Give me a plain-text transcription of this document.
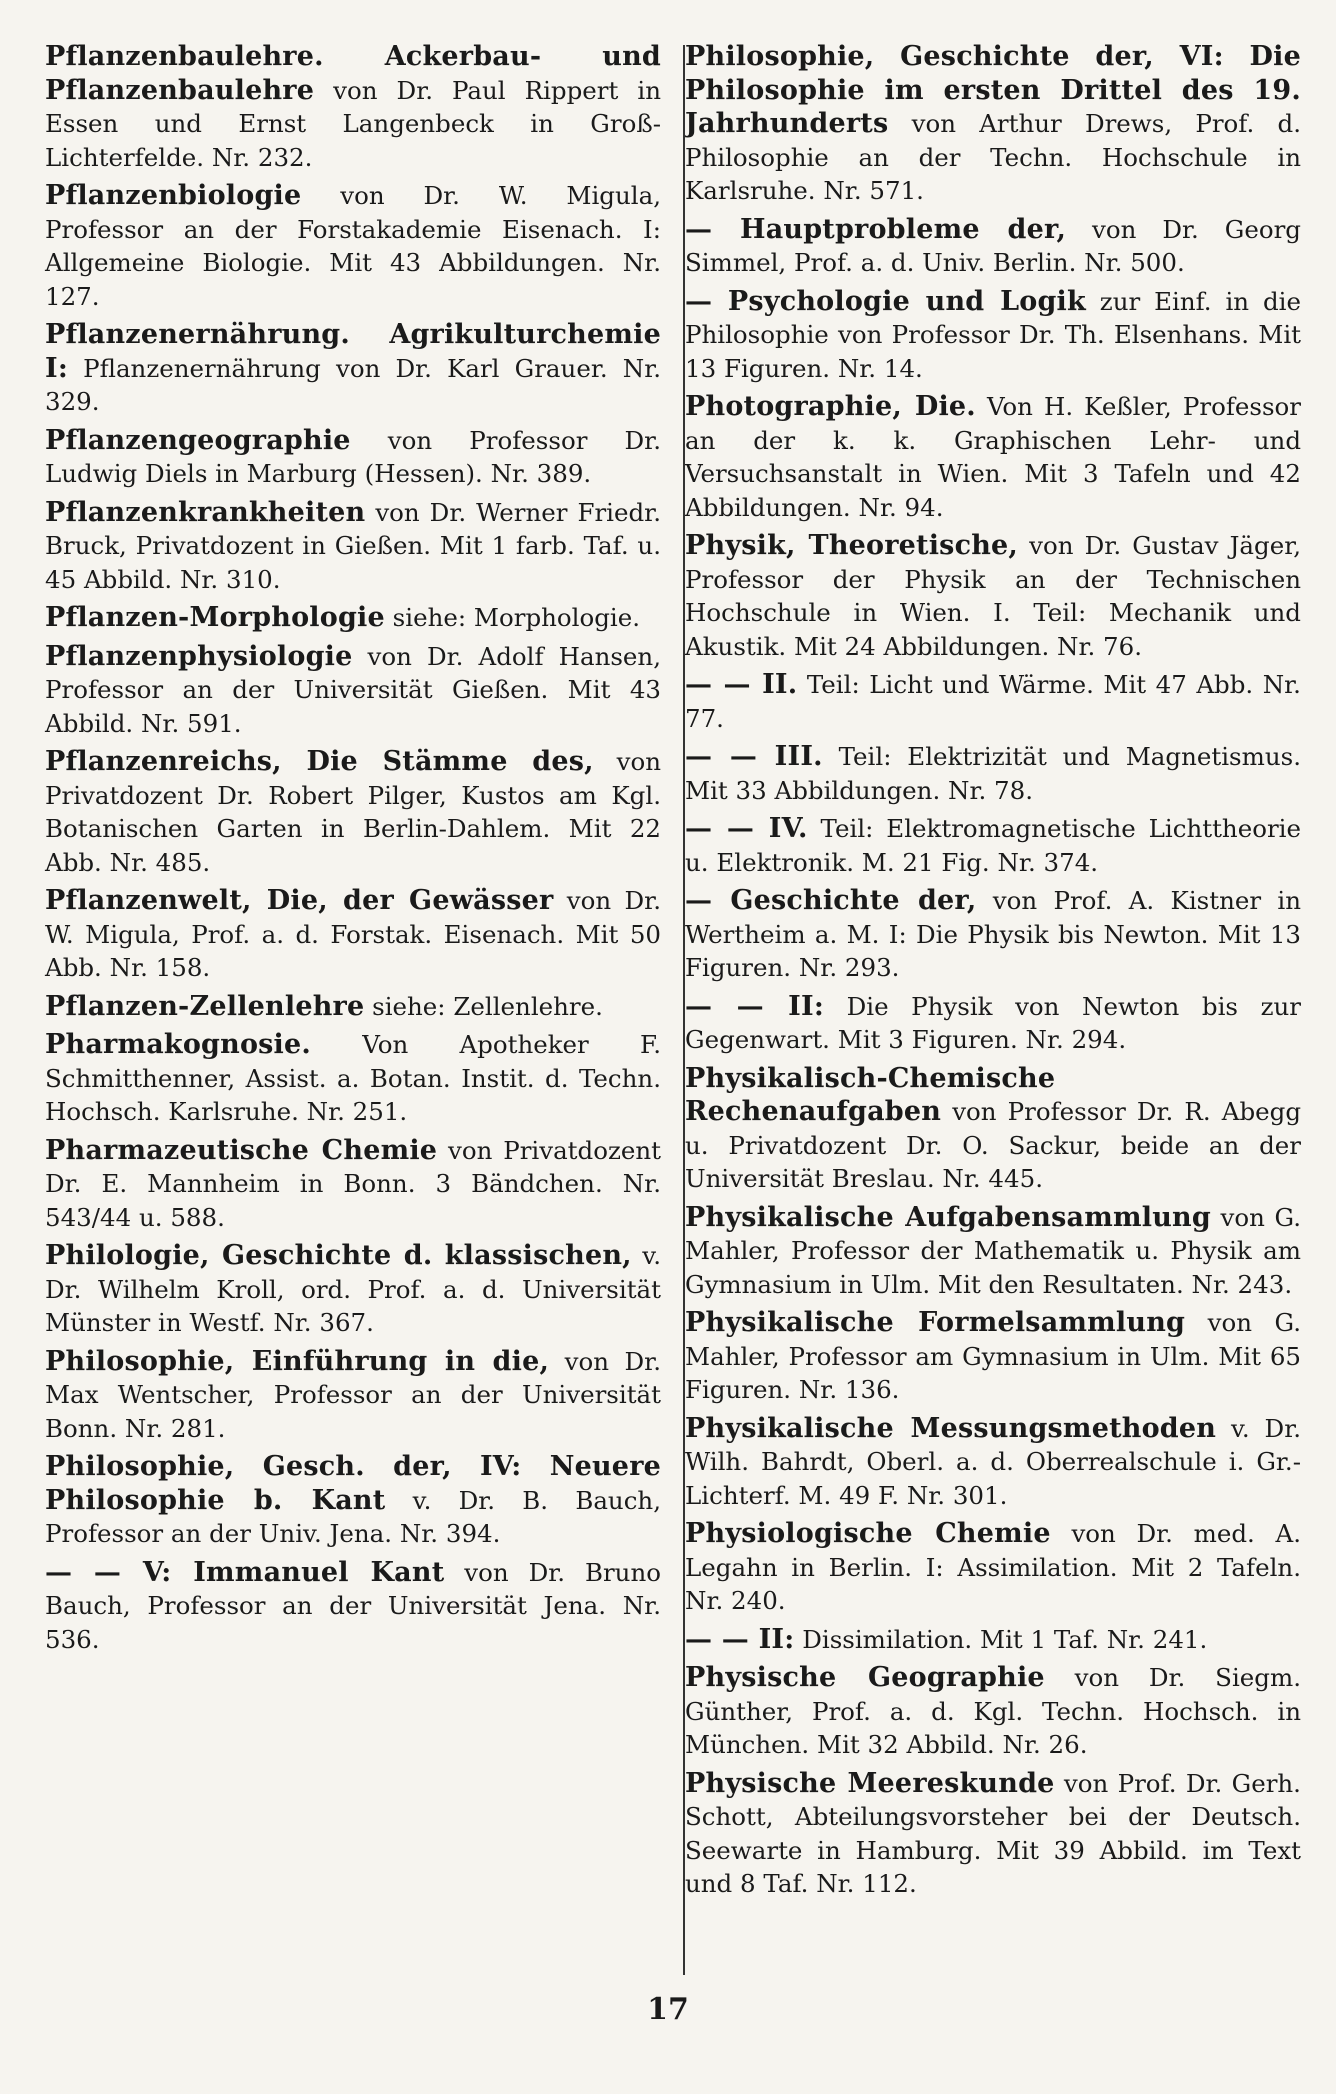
Pflanzenbaulehre. Ackerbau- und Pflanzenbaulehre von Dr. Paul Rippert in Essen und Ernst Langenbeck in Groß-Lichterfelde. Nr. 232.

Pflanzenbiologie von Dr. W. Migula, Professor an der Forstakademie Eisenach. I: Allgemeine Biologie. Mit 43 Abbildungen. Nr. 127.

Pflanzenernährung. Agrikulturchemie I: Pflanzenernährung von Dr. Karl Grauer. Nr. 329.

Pflanzengeographie von Professor Dr. Ludwig Diels in Marburg (Hessen). Nr. 389.

Pflanzenkrankheiten von Dr. Werner Friedr. Bruck, Privatdozent in Gießen. Mit 1 farb. Taf. u. 45 Abbild. Nr. 310.

Pflanzen-Morphologie siehe: Morphologie.

Pflanzenphysiologie von Dr. Adolf Hansen, Professor an der Universität Gießen. Mit 43 Abbild. Nr. 591.

Pflanzenreichs, Die Stämme des, von Privatdozent Dr. Robert Pilger, Kustos am Kgl. Botanischen Garten in Berlin-Dahlem. Mit 22 Abb. Nr. 485.

Pflanzenwelt, Die, der Gewässer von Dr. W. Migula, Prof. a. d. Forstak. Eisenach. Mit 50 Abb. Nr. 158.

Pflanzen-Zellenlehre siehe: Zellenlehre.

Pharmakognosie. Von Apotheker F. Schmitthenner, Assist. a. Botan. Instit. d. Techn. Hochsch. Karlsruhe. Nr. 251.

Pharmazeutische Chemie von Privatdozent Dr. E. Mannheim in Bonn. 3 Bändchen. Nr. 543/44 u. 588.

Philologie, Geschichte d. klassischen, v. Dr. Wilhelm Kroll, ord. Prof. a. d. Universität Münster in Westf. Nr. 367.

Philosophie, Einführung in die, von Dr. Max Wentscher, Professor an der Universität Bonn. Nr. 281.

Philosophie, Gesch. der, IV: Neuere Philosophie b. Kant v. Dr. B. Bauch, Professor an der Univ. Jena. Nr. 394.

— — V: Immanuel Kant von Dr. Bruno Bauch, Professor an der Universität Jena. Nr. 536.

Philosophie, Geschichte der, VI: Die Philosophie im ersten Drittel des 19. Jahrhunderts von Arthur Drews, Prof. d. Philosophie an der Techn. Hochschule in Karlsruhe. Nr. 571.

— Hauptprobleme der, von Dr. Georg Simmel, Prof. a. d. Univ. Berlin. Nr. 500.

— Psychologie und Logik zur Einf. in die Philosophie von Professor Dr. Th. Elsenhans. Mit 13 Figuren. Nr. 14.

Photographie, Die. Von H. Keßler, Professor an der k. k. Graphischen Lehr- und Versuchsanstalt in Wien. Mit 3 Tafeln und 42 Abbildungen. Nr. 94.

Physik, Theoretische, von Dr. Gustav Jäger, Professor der Physik an der Technischen Hochschule in Wien. I. Teil: Mechanik und Akustik. Mit 24 Abbildungen. Nr. 76.

— — II. Teil: Licht und Wärme. Mit 47 Abb. Nr. 77.

— — III. Teil: Elektrizität und Magnetismus. Mit 33 Abbildungen. Nr. 78.

— — IV. Teil: Elektromagnetische Lichttheorie u. Elektronik. M. 21 Fig. Nr. 374.

— Geschichte der, von Prof. A. Kistner in Wertheim a. M. I: Die Physik bis Newton. Mit 13 Figuren. Nr. 293.

— — II: Die Physik von Newton bis zur Gegenwart. Mit 3 Figuren. Nr. 294.

Physikalisch-Chemische Rechenaufgaben von Professor Dr. R. Abegg u. Privatdozent Dr. O. Sackur, beide an der Universität Breslau. Nr. 445.

Physikalische Aufgabensammlung von G. Mahler, Professor der Mathematik u. Physik am Gymnasium in Ulm. Mit den Resultaten. Nr. 243.

Physikalische Formelsammlung von G. Mahler, Professor am Gymnasium in Ulm. Mit 65 Figuren. Nr. 136.

Physikalische Messungsmethoden v. Dr. Wilh. Bahrdt, Oberl. a. d. Oberrealschule i. Gr.-Lichterf. M. 49 F. Nr. 301.

Physiologische Chemie von Dr. med. A. Legahn in Berlin. I: Assimilation. Mit 2 Tafeln. Nr. 240.

— — II: Dissimilation. Mit 1 Taf. Nr. 241.

Physische Geographie von Dr. Siegm. Günther, Prof. a. d. Kgl. Techn. Hochsch. in München. Mit 32 Abbild. Nr. 26.

Physische Meereskunde von Prof. Dr. Gerh. Schott, Abteilungsvorsteher bei der Deutsch. Seewarte in Hamburg. Mit 39 Abbild. im Text und 8 Taf. Nr. 112.

17
